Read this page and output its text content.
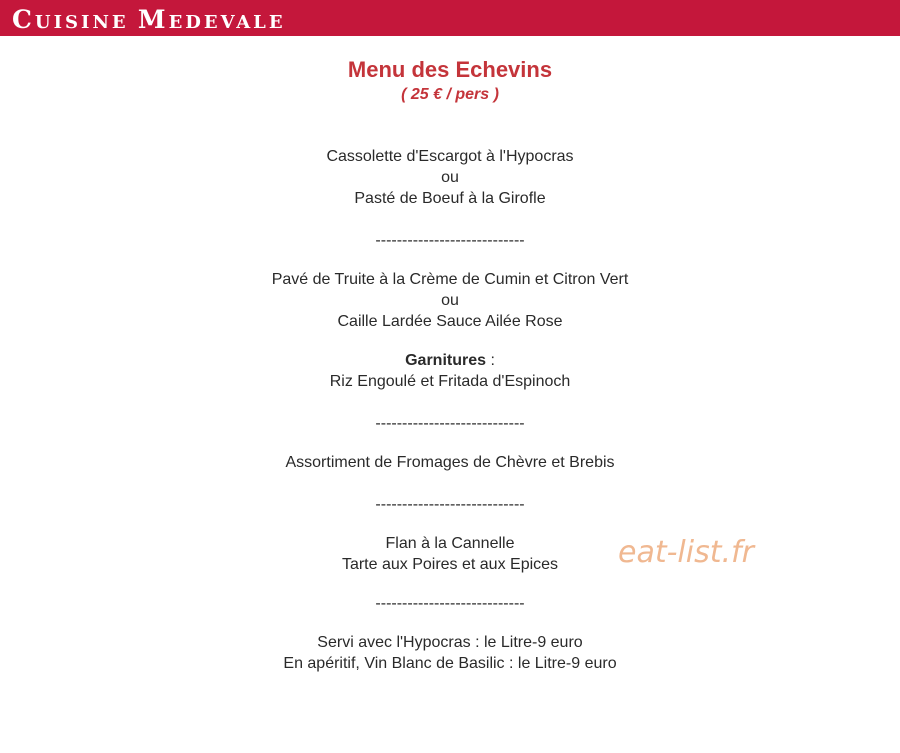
CUISINE MEDEVALE
Menu des Echevins
( 25 € / pers )
Cassolette d'Escargot à l'Hypocras
ou
Pasté de Boeuf à la Girofle
----------------------------
Pavé de Truite à la Crème de Cumin et Citron Vert
ou
Caille Lardée Sauce Ailée Rose
Garnitures :
Riz Engoulé et Fritada d'Espinoch
----------------------------
Assortiment de Fromages de Chèvre et Brebis
----------------------------
Flan à la Cannelle
Tarte aux Poires et aux Epices
----------------------------
Servi avec l'Hypocras : le Litre-9 euro
En apéritif, Vin Blanc de Basilic : le Litre-9 euro
eat-list.fr
